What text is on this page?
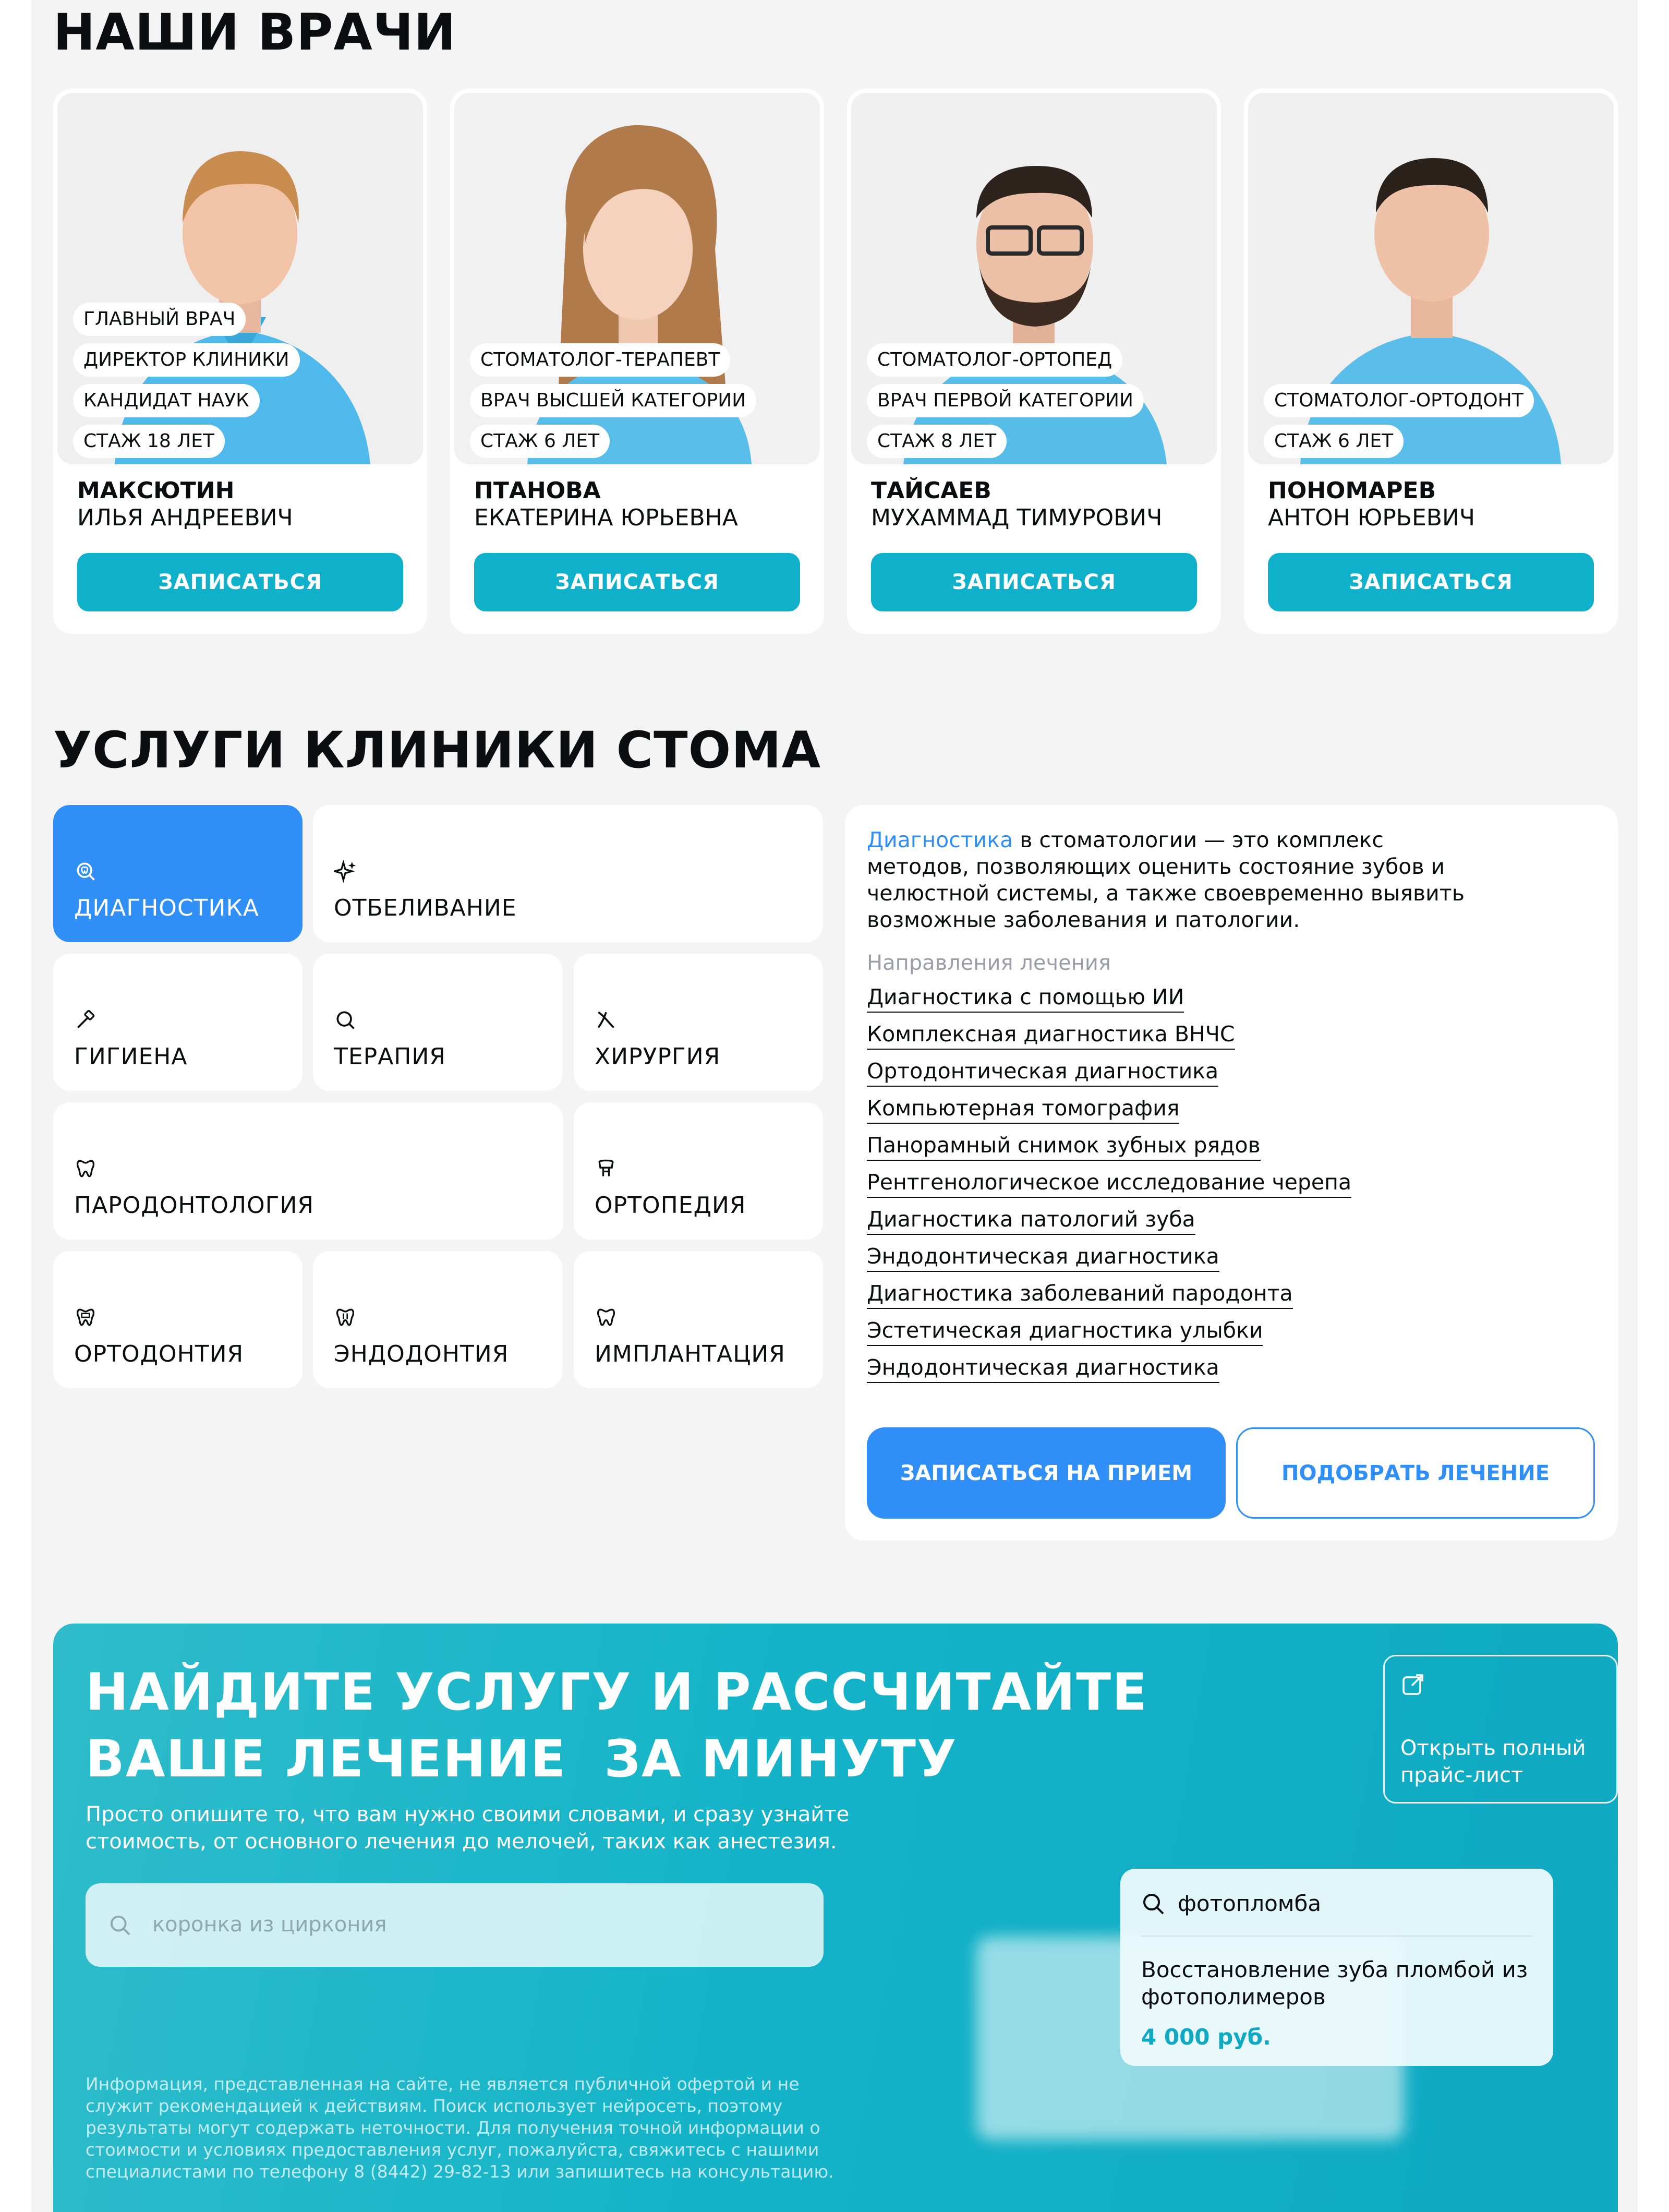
НАШИ ВРАЧИ
ГЛАВНЫЙ ВРАЧ
ДИРЕКТОР КЛИНИКИ
КАНДИДАТ НАУК
СТАЖ 18 ЛЕТ
МАКСЮТИН
ИЛЬЯ АНДРЕЕВИЧ
ЗАПИСАТЬСЯ
СТОМАТОЛОГ-ТЕРАПЕВТ
ВРАЧ ВЫСШЕЙ КАТЕГОРИИ
СТАЖ 6 ЛЕТ
ПТАНОВА
ЕКАТЕРИНА ЮРЬЕВНА
ЗАПИСАТЬСЯ
СТОМАТОЛОГ-ОРТОПЕД
ВРАЧ ПЕРВОЙ КАТЕГОРИИ
СТАЖ 8 ЛЕТ
ТАЙСАЕВ
МУХАММАД ТИМУРОВИЧ
ЗАПИСАТЬСЯ
СТОМАТОЛОГ-ОРТОДОНТ
СТАЖ 6 ЛЕТ
ПОНОМАРЕВ
АНТОН ЮРЬЕВИЧ
ЗАПИСАТЬСЯ
УСЛУГИ КЛИНИКИ СТОМА
ДИАГНОСТИКА	ОТБЕЛИВАНИЕ
ГИГИЕНА	ТЕРАПИЯ	ХИРУРГИЯ
ПАРОДОНТОЛОГИЯ	ОРТОПЕДИЯ
ОРТОДОНТИЯ	ЭНДОДОНТИЯ	ИМПЛАНТАЦИЯ
Диагностика в стоматологии — это комплекс методов, позволяющих оценить состояние зубов и челюстной системы, а также своевременно выявить возможные заболевания и патологии.
Направления лечения
Диагностика с помощью ИИ
Комплексная диагностика ВНЧС
Ортодонтическая диагностика
Компьютерная томография
Панорамный снимок зубных рядов
Рентгенологическое исследование черепа
Диагностика патологий зуба
Эндодонтическая диагностика
Диагностика заболеваний пародонта
Эстетическая диагностика улыбки
Эндодонтическая диагностика
ЗАПИСАТЬСЯ НА ПРИЕМ	ПОДОБРАТЬ ЛЕЧЕНИЕ
НАЙДИТЕ УСЛУГУ И РАССЧИТАЙТЕ
ВАШЕ ЛЕЧЕНИЕ  ЗА МИНУТУ
Просто опишите то, что вам нужно своими словами, и сразу узнайте стоимость, от основного лечения до мелочей, таких как анестезия.
коронка из циркония
Открыть полный прайс-лист
фотопломба
Восстановление зуба пломбой из фотополимеров
4 000 руб.
Информация, представленная на сайте, не является публичной офертой и не служит рекомендацией к действиям. Поиск использует нейросеть, поэтому результаты могут содержать неточности. Для получения точной информации о стоимости и условиях предоставления услуг, пожалуйста, свяжитесь с нашими специалистами по телефону 8 (8442) 29-82-13 или запишитесь на консультацию.
